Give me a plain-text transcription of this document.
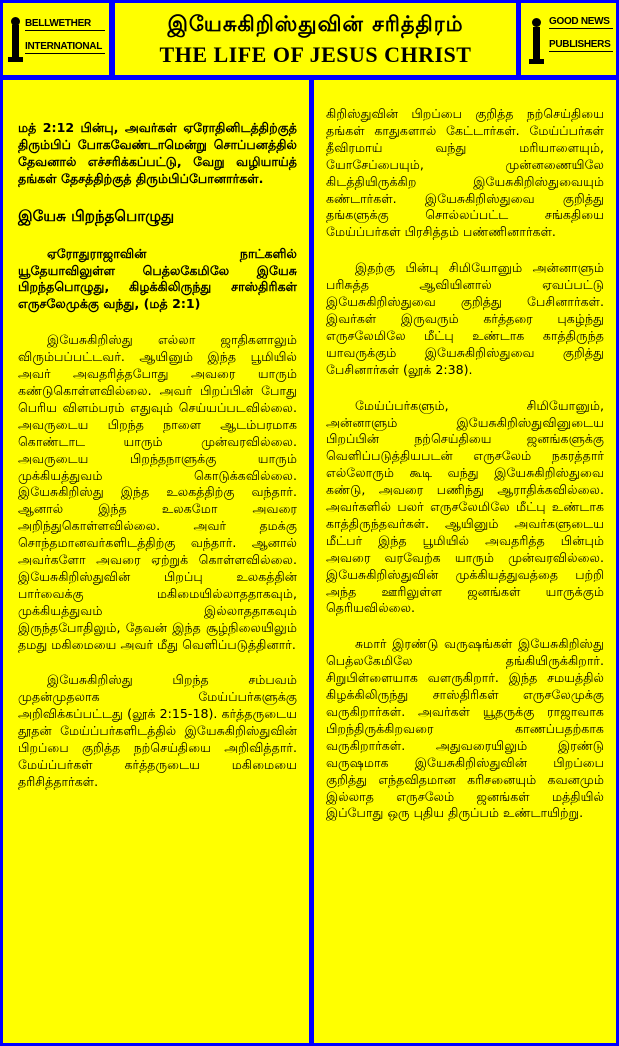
BELLWETHER
INTERNATIONAL
இயேசுகிறிஸ்துவின் சரித்திரம்
THE LIFE OF JESUS CHRIST
GOOD NEWS
PUBLISHERS

மத் 2:12 பின்பு, அவர்கள் ஏரோதினிடத்திற்குத் திரும்பிப் போகவேண்டாமென்று சொப்பனத்தில் தேவனால் எச்சரிக்கப்பட்டு, வேறு வழியாய்த் தங்கள் தேசத்திற்குத் திரும்பிப்போனார்கள்.

இயேசு பிறந்தபொழுது

ஏரோதுராஜாவின் நாட்களில் யூதேயாவிலுள்ள பெத்லகேமிலே இயேசு பிறந்தபொழுது, கிழக்கிலிருந்து சாஸ்திரிகள் எருசலேமுக்கு வந்து, (மத் 2:1)

இயேசுகிறிஸ்து எல்லா ஜாதிகளாலும் விரும்பப்பட்டவர். ஆயினும் இந்த பூமியில் அவர் அவதரித்தபோது அவரை யாரும் கண்டுகொள்ளவில்லை. அவர் பிறப்பின் போது பெரிய விளம்பரம் எதுவும் செய்யப்படவில்லை. அவருடைய பிறந்த நாளை ஆடம்பரமாக கொண்டாட யாரும் முன்வரவில்லை. அவருடைய பிறந்தநாளுக்கு யாரும் முக்கியத்துவம் கொடுக்கவில்லை. இயேசுகிறிஸ்து இந்த உலகத்திற்கு வந்தார். ஆனால் இந்த உலகமோ அவரை அறிந்துகொள்ளவில்லை. அவர் தமக்கு சொந்தமானவர்களிடத்திற்கு வந்தார். ஆனால் அவர்களோ அவரை ஏற்றுக் கொள்ளவில்லை. இயேசுகிறிஸ்துவின் பிறப்பு உலகத்தின் பார்வைக்கு மகிமையில்லாததாகவும், முக்கியத்துவம் இல்லாததாகவும் இருந்தபோதிலும், தேவன் இந்த சூழ்நிலையிலும் தமது மகிமையை அவர் மீது வெளிப்படுத்தினார்.

இயேசுகிறிஸ்து பிறந்த சம்பவம் முதன்முதலாக மேய்ப்பர்களுக்கு அறிவிக்கப்பட்டது (லூக் 2:15-18). கர்த்தருடைய தூதன் மேய்ப்பர்களிடத்தில் இயேசுகிறிஸ்துவின் பிறப்பை குறித்த நற்செய்தியை அறிவித்தார். மேய்ப்பர்கள் கர்த்தருடைய மகிமையை தரிசித்தார்கள்.

கிறிஸ்துவின் பிறப்பை குறித்த நற்செய்தியை தங்கள் காதுகளால் கேட்டார்கள். மேய்ப்பர்கள் தீவிரமாய் வந்து மரியாளையும், யோசேப்பையும், முன்னணையிலே கிடத்தியிருக்கிற இயேசுகிறிஸ்துவையும் கண்டார்கள். இயேசுகிறிஸ்துவை குறித்து தங்களுக்கு சொல்லப்பட்ட சங்கதியை மேய்ப்பர்கள் பிரசித்தம் பண்ணினார்கள்.

இதற்கு பின்பு சிமியோனும் அன்னாளும் பரிசுத்த ஆவியினால் ஏவப்பட்டு இயேசுகிறிஸ்துவை குறித்து பேசினார்கள். இவர்கள் இருவரும் கர்த்தரை புகழ்ந்து எருசலேமிலே மீட்பு உண்டாக காத்திருந்த யாவருக்கும் இயேசுகிறிஸ்துவை குறித்து பேசினார்கள் (லூக் 2:38).

மேய்ப்பர்களும், சிமியோனும், அன்னாளும் இயேசுகிறிஸ்துவினுடைய பிறப்பின் நற்செய்தியை ஜனங்களுக்கு வெளிப்படுத்தியபடன் எருசலேம் நகரத்தார் எல்லோரும் கூடி வந்து இயேசுகிறிஸ்துவை கண்டு, அவரை பணிந்து ஆராதிக்கவில்லை. அவர்களில் பலர் எருசலேமிலே மீட்பு உண்டாக காத்திருந்தவர்கள். ஆயினும் அவர்களுடைய மீட்பர் இந்த பூமியில் அவதரித்த பின்பும் அவரை வரவேற்க யாரும் முன்வரவில்லை. இயேசுகிறிஸ்துவின் முக்கியத்துவத்தை பற்றி அந்த ஊரிலுள்ள ஜனங்கள் யாருக்கும் தெரியவில்லை.

சுமார் இரண்டு வருஷங்கள் இயேசுகிறிஸ்து பெத்லகேமிலே தங்கியிருக்கிறார். சிறுபிள்ளையாக வளருகிறார். இந்த சமயத்தில் கிழக்கிலிருந்து சாஸ்திரிகள் எருசலேமுக்கு வருகிறார்கள். அவர்கள் யூதருக்கு ராஜாவாக பிறந்திருக்கிறவரை காணப்பதற்காக வருகிறார்கள். அதுவரையிலும் இரண்டு வருஷமாக இயேசுகிறிஸ்துவின் பிறப்பை குறித்து எந்தவிதமான கரிசனையும் கவனமும் இல்லாத எருசலேம் ஜனங்கள் மத்தியில் இப்போது ஒரு புதிய திருப்பம் உண்டாயிற்று.
